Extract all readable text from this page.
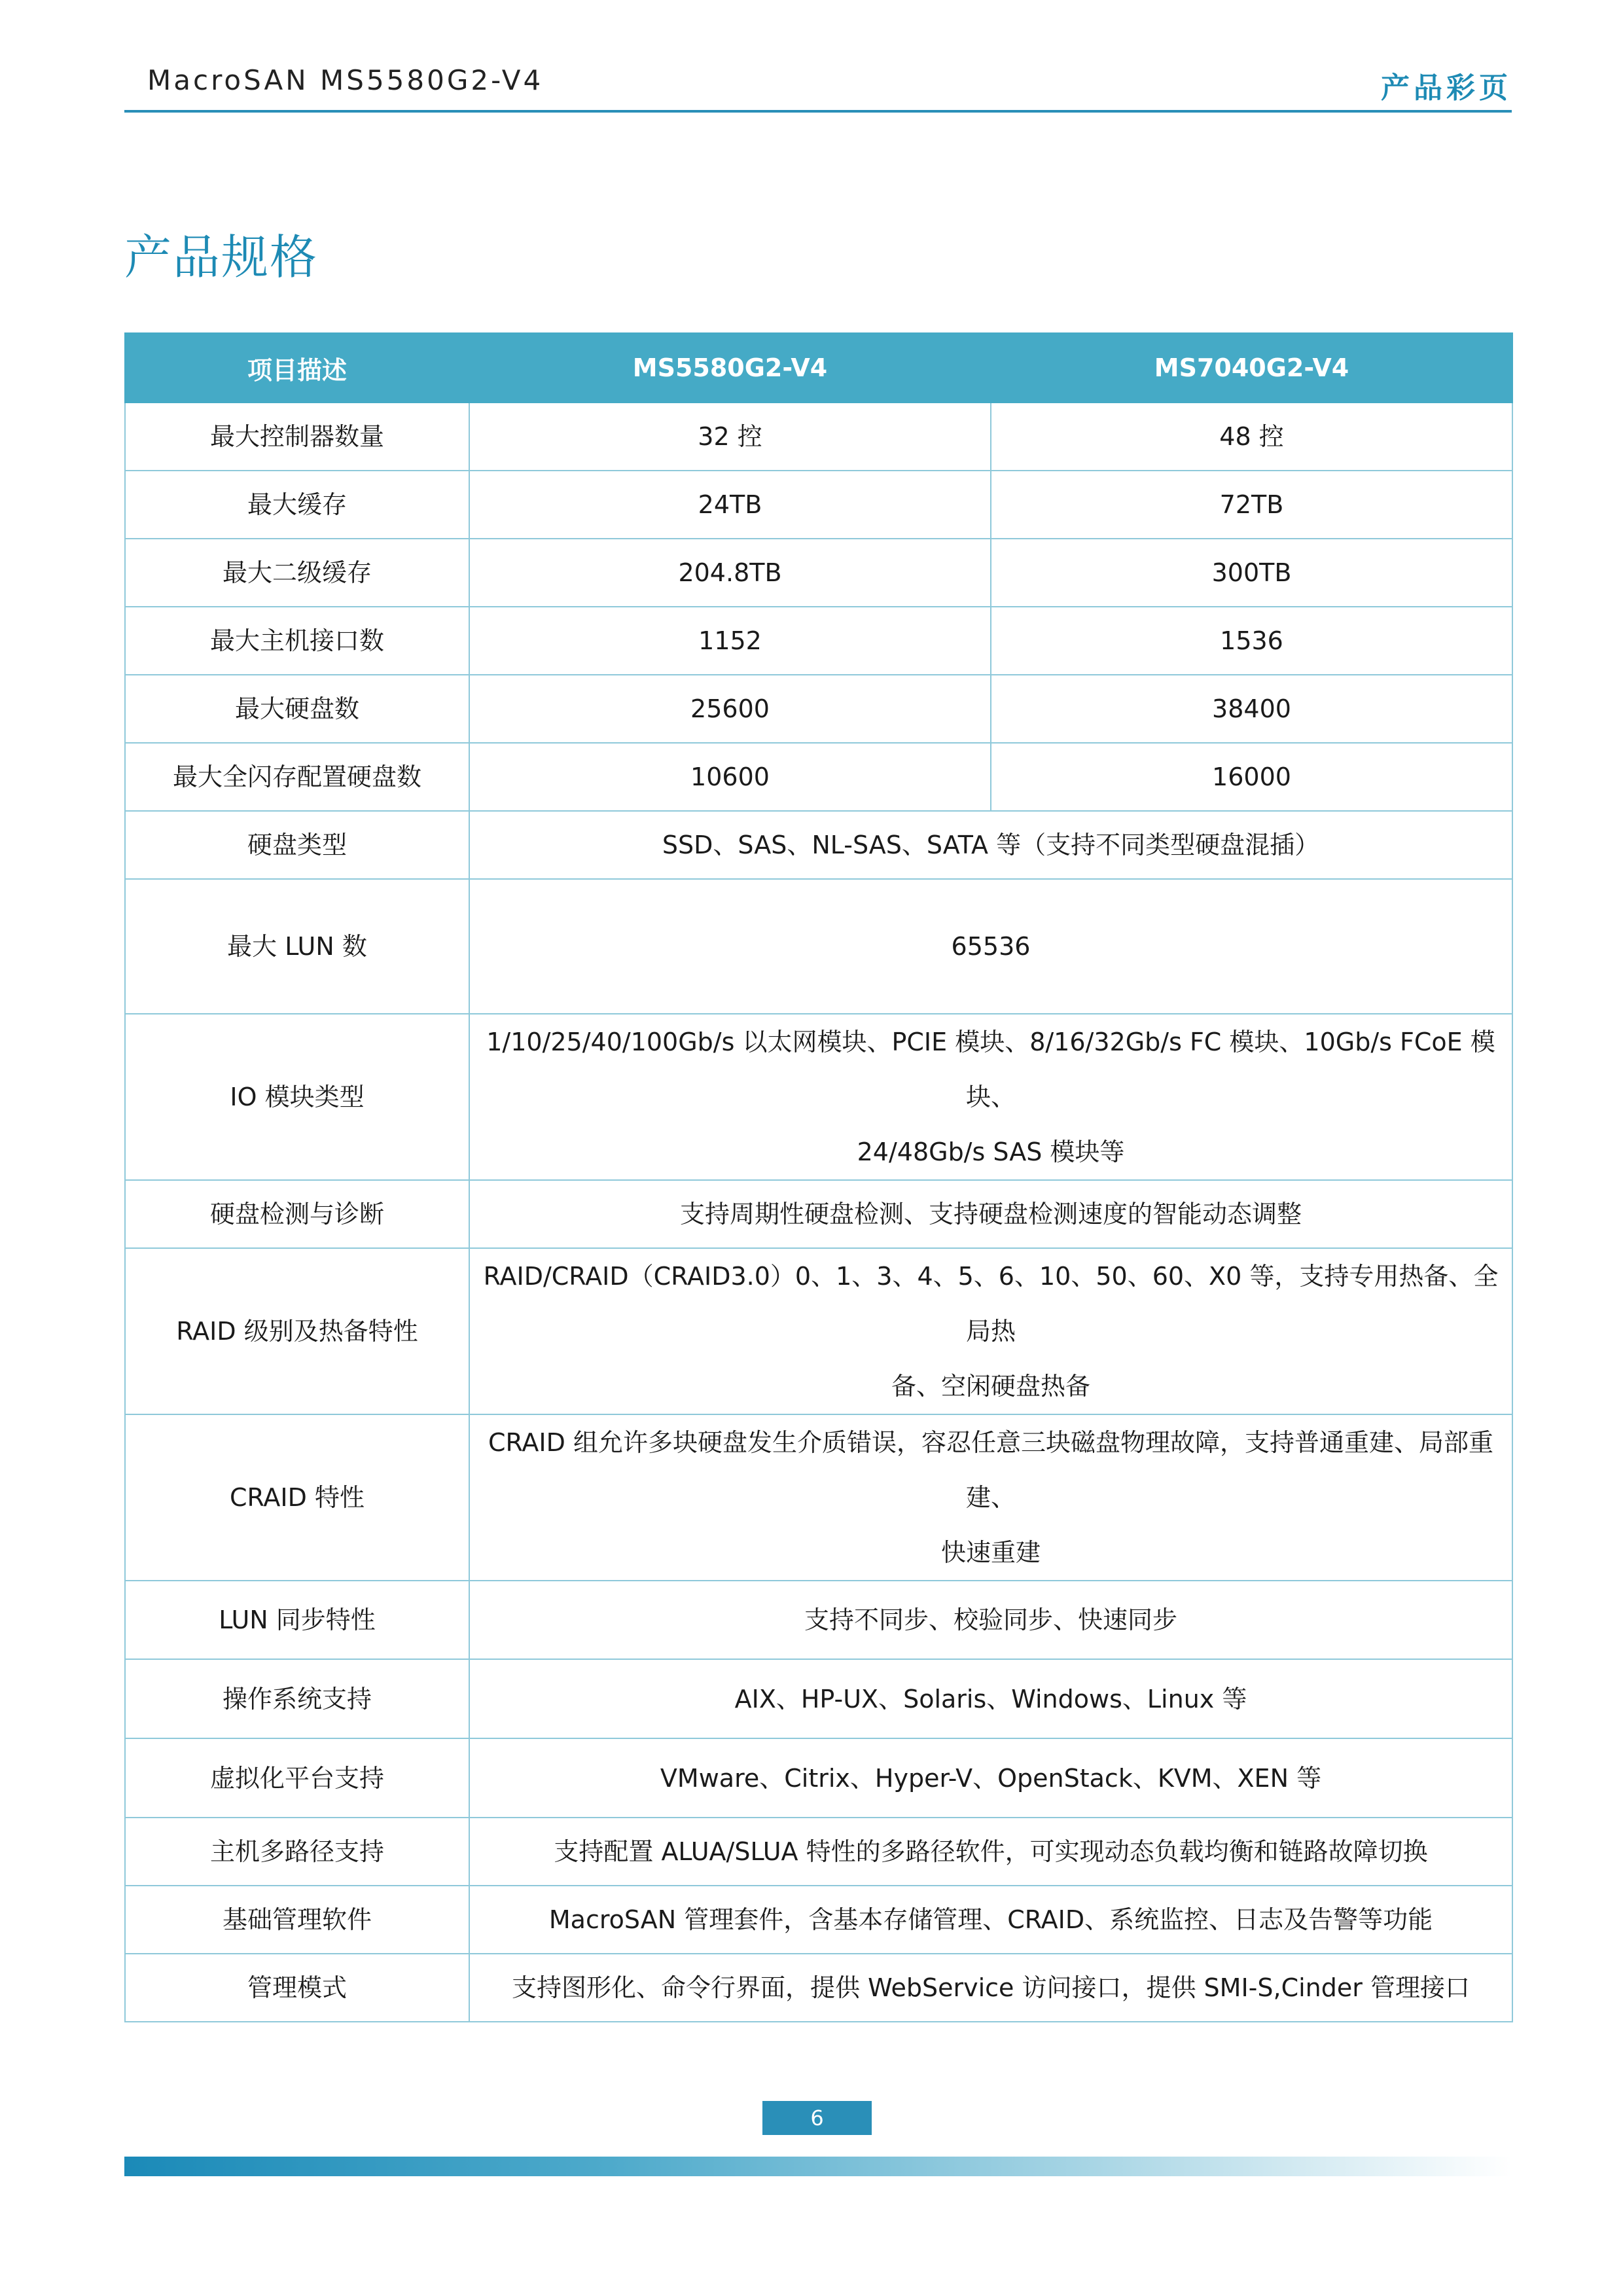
MacroSAN MS5580G2-V4	产品彩页
产品规格
项目描述	MS5580G2-V4	MS7040G2-V4
最大控制器数量	32 控	48 控
最大缓存	24TB	72TB
最大二级缓存	204.8TB	300TB
最大主机接口数	1152	1536
最大硬盘数	25600	38400
最大全闪存配置硬盘数	10600	16000
硬盘类型	SSD、SAS、NL-SAS、SATA 等（支持不同类型硬盘混插）	
最大 LUN 数	65536	
IO 模块类型	1/10/25/40/100Gb/s 以太网模块、PCIE 模块、8/16/32Gb/s FC 模块、10Gb/s FCoE 模块、
24/48Gb/s SAS 模块等	

硬盘检测与诊断	支持周期性硬盘检测、支持硬盘检测速度的智能动态调整	
RAID 级别及热备特性	RAID/CRAID（CRAID3.0）0、1、3、4、5、6、10、50、60、X0 等，支持专用热备、全局热
备、空闲硬盘热备	

CRAID 特性	CRAID 组允许多块硬盘发生介质错误，容忍任意三块磁盘物理故障，支持普通重建、局部重建、
快速重建	

LUN 同步特性	支持不同步、校验同步、快速同步	
操作系统支持	AIX、HP-UX、Solaris、Windows、Linux 等	
虚拟化平台支持	VMware、Citrix、Hyper-V、OpenStack、KVM、XEN 等	
主机多路径支持	支持配置 ALUA/SLUA 特性的多路径软件，可实现动态负载均衡和链路故障切换	
基础管理软件	MacroSAN 管理套件，含基本存储管理、CRAID、系统监控、日志及告警等功能	
管理模式	支持图形化、命令行界面，提供 WebService 访问接口，提供 SMI-S,Cinder 管理接口	
6
